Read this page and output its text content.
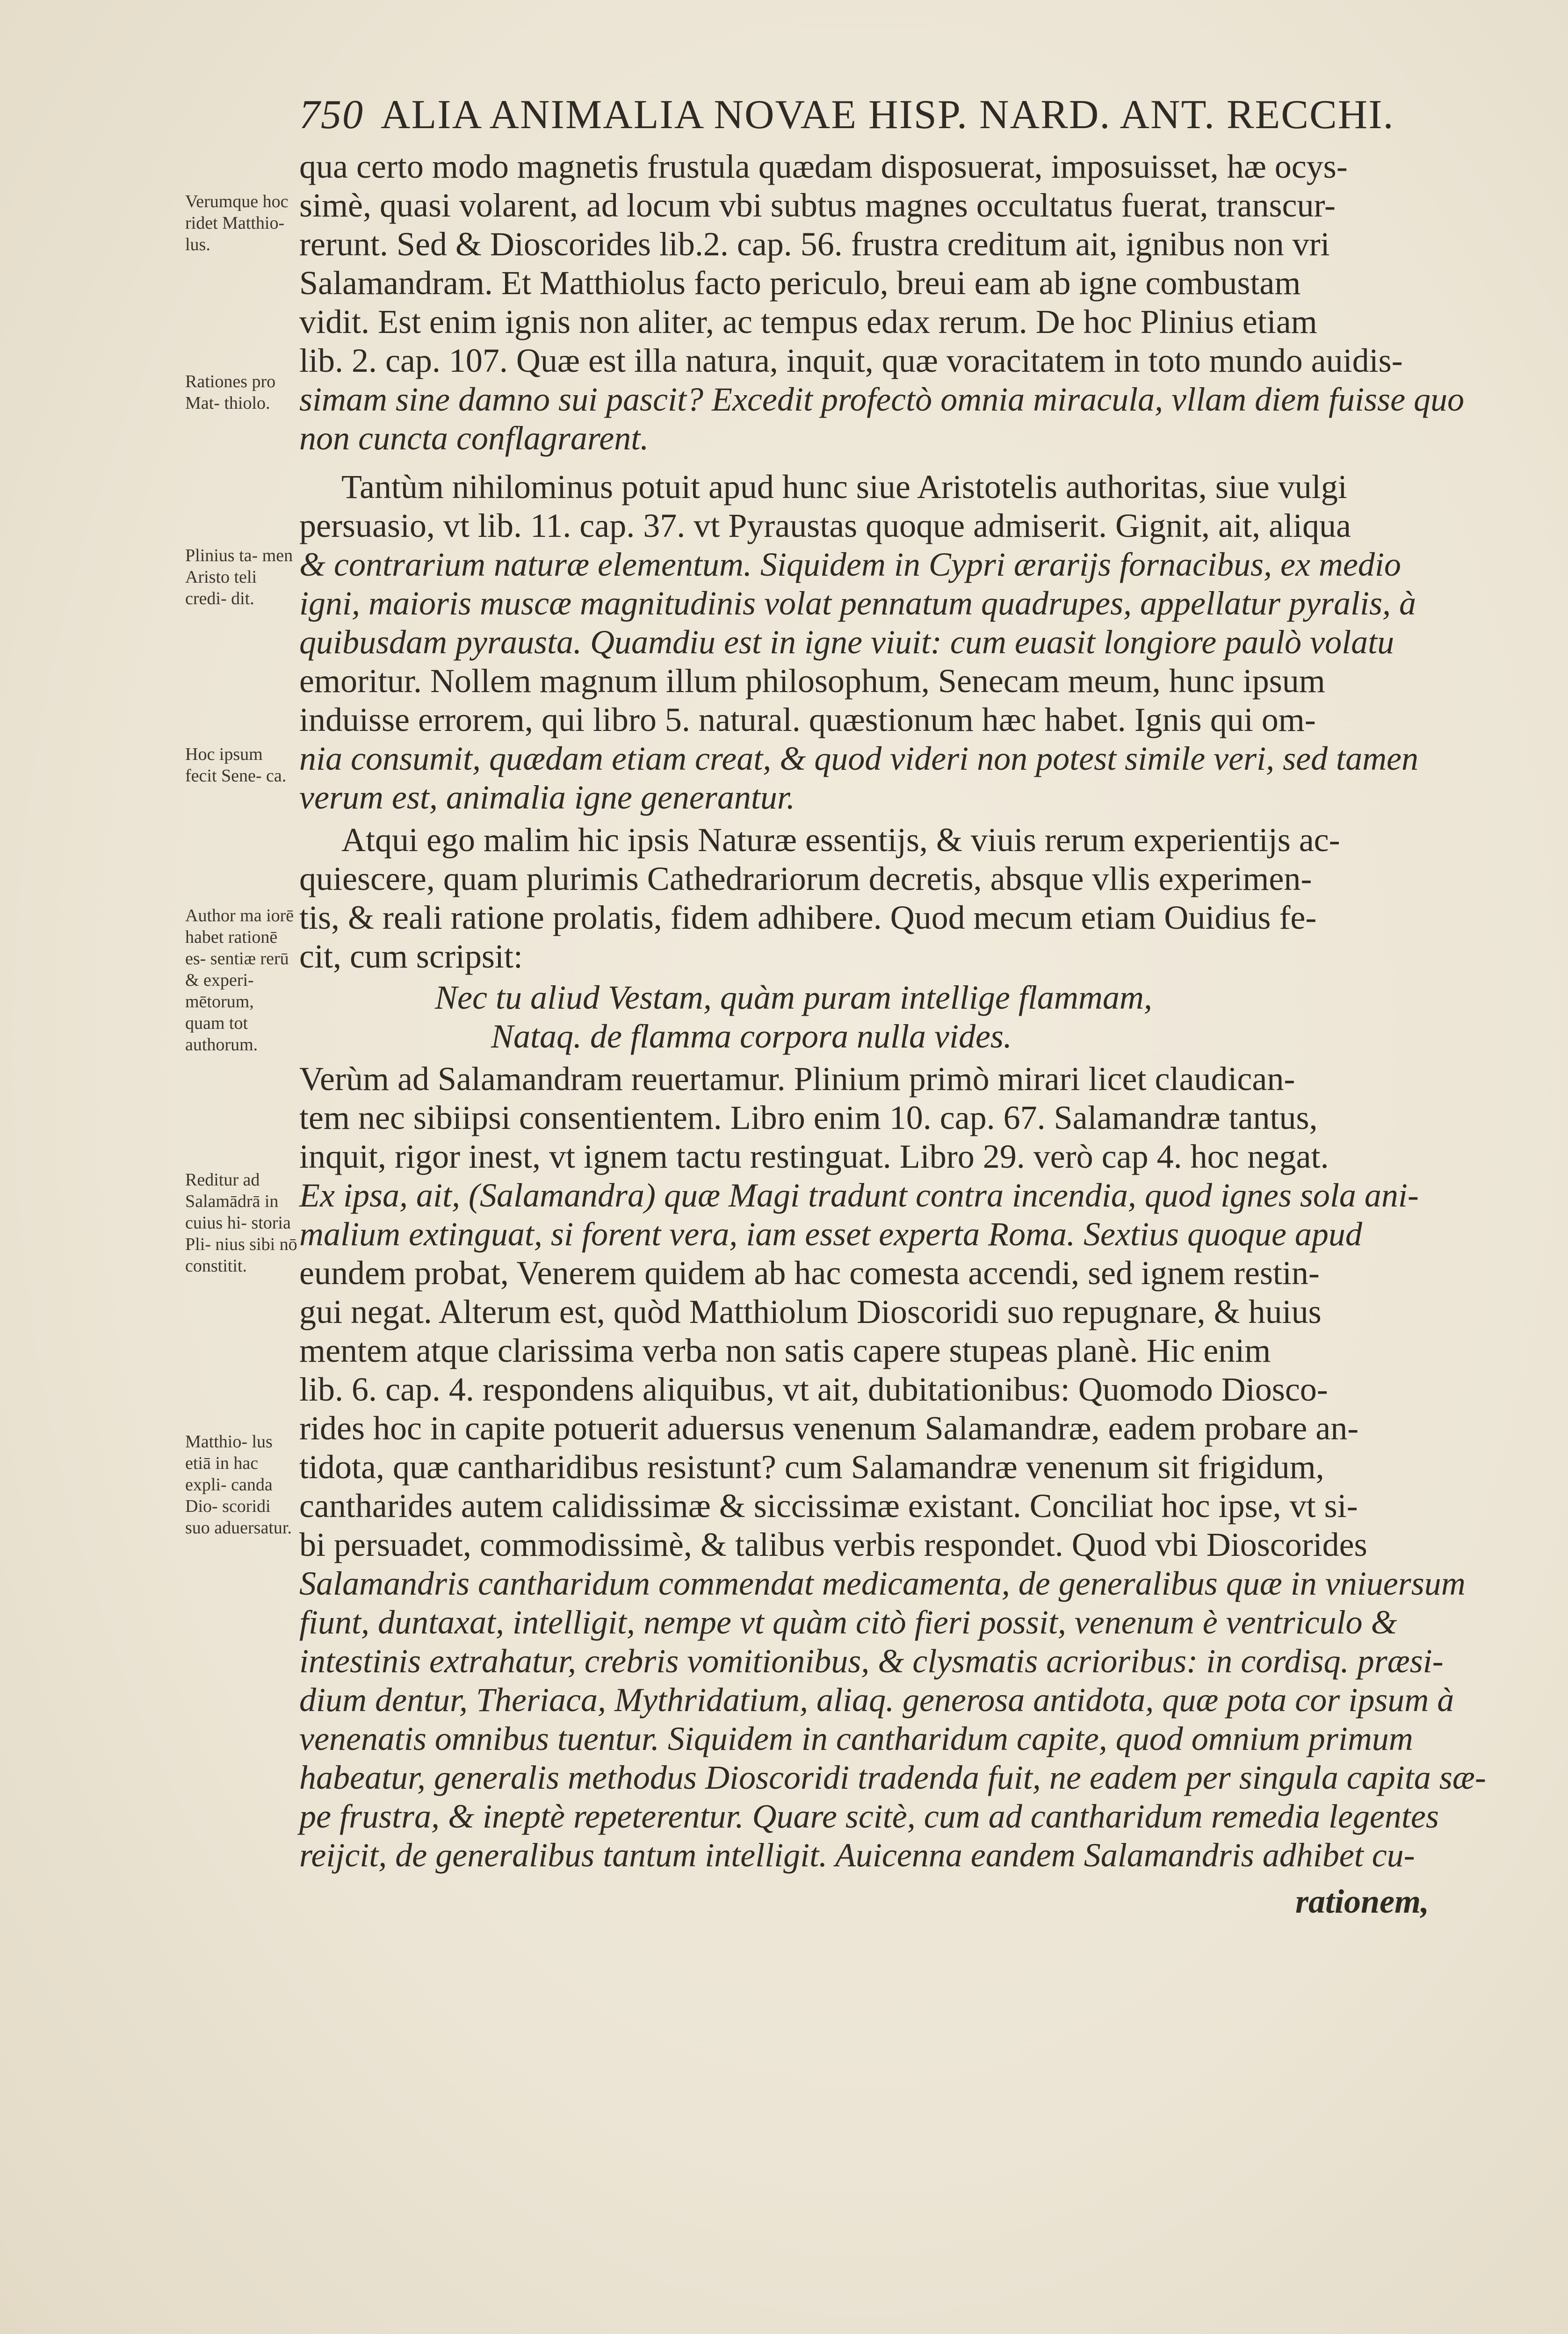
750 ALIA ANIMALIA NOVAE HISP. NARD. ANT. RECCHI.
Verumque hoc ridet Matthio- lus.
Rationes pro Mat- thiolo.
Plinius ta- men Aristo teli credi- dit.
Hoc ipsum fecit Sene- ca.
Author ma iorē habet rationē es- sentiæ rerū & experi- mētorum, quam tot authorum.
Reditur ad Salamādrā in cuius hi- storia Pli- nius sibi nō constitit.
Matthio- lus etiā in hac expli- canda Dio- scoridi suo aduersatur.
qua certo modo magnetis frustula quædam disposuerat, imposuisset, hæ ocys-
simè, quasi volarent, ad locum vbi subtus magnes occultatus fuerat, transcur-
rerunt. Sed & Dioscorides lib.2. cap. 56. frustra creditum ait, ignibus non vri
Salamandram. Et Matthiolus facto periculo, breui eam ab igne combustam
vidit. Est enim ignis non aliter, ac tempus edax rerum. De hoc Plinius etiam
lib. 2. cap. 107. Quæ est illa natura, inquit, quæ voracitatem in toto mundo auidis-
simam sine damno sui pascit? Excedit profectò omnia miracula, vllam diem fuisse quo
non cuncta conflagrarent.
Tantùm nihilominus potuit apud hunc siue Aristotelis authoritas, siue vulgi
persuasio, vt lib. 11. cap. 37. vt Pyraustas quoque admiserit. Gignit, ait, aliqua
& contrarium naturæ elementum. Siquidem in Cypri ærarijs fornacibus, ex medio
igni, maioris muscæ magnitudinis volat pennatum quadrupes, appellatur pyralis, à
quibusdam pyrausta. Quamdiu est in igne viuit: cum euasit longiore paulò volatu
emoritur. Nollem magnum illum philosophum, Senecam meum, hunc ipsum
induisse errorem, qui libro 5. natural. quæstionum hæc habet. Ignis qui om-
nia consumit, quædam etiam creat, & quod videri non potest simile veri, sed tamen
verum est, animalia igne generantur.
Atqui ego malim hic ipsis Naturæ essentijs, & viuis rerum experientijs ac-
quiescere, quam plurimis Cathedrariorum decretis, absque vllis experimen-
tis, & reali ratione prolatis, fidem adhibere. Quod mecum etiam Ouidius fe-
cit, cum scripsit:
Nec tu aliud Vestam, quàm puram intellige flammam,
Nataq. de flamma corpora nulla vides.
Verùm ad Salamandram reuertamur. Plinium primò mirari licet claudican-
tem nec sibiipsi consentientem. Libro enim 10. cap. 67. Salamandræ tantus,
inquit, rigor inest, vt ignem tactu restinguat. Libro 29. verò cap 4. hoc negat.
Ex ipsa, ait, (Salamandra) quæ Magi tradunt contra incendia, quod ignes sola ani-
malium extinguat, si forent vera, iam esset experta Roma. Sextius quoque apud
eundem probat, Venerem quidem ab hac comesta accendi, sed ignem restin-
gui negat. Alterum est, quòd Matthiolum Dioscoridi suo repugnare, & huius
mentem atque clarissima verba non satis capere stupeas planè. Hic enim
lib. 6. cap. 4. respondens aliquibus, vt ait, dubitationibus: Quomodo Diosco-
rides hoc in capite potuerit aduersus venenum Salamandræ, eadem probare an-
tidota, quæ cantharidibus resistunt? cum Salamandræ venenum sit frigidum,
cantharides autem calidissimæ & siccissimæ existant. Conciliat hoc ipse, vt si-
bi persuadet, commodissimè, & talibus verbis respondet. Quod vbi Dioscorides
Salamandris cantharidum commendat medicamenta, de generalibus quæ in vniuersum
fiunt, duntaxat, intelligit, nempe vt quàm citò fieri possit, venenum è ventriculo &
intestinis extrahatur, crebris vomitionibus, & clysmatis acrioribus: in cordisq. præsi-
dium dentur, Theriaca, Mythridatium, aliaq. generosa antidota, quæ pota cor ipsum à
venenatis omnibus tuentur. Siquidem in cantharidum capite, quod omnium primum
habeatur, generalis methodus Dioscoridi tradenda fuit, ne eadem per singula capita sæ-
pe frustra, & ineptè repeterentur. Quare scitè, cum ad cantharidum remedia legentes
reijcit, de generalibus tantum intelligit. Auicenna eandem Salamandris adhibet cu-
rationem,
